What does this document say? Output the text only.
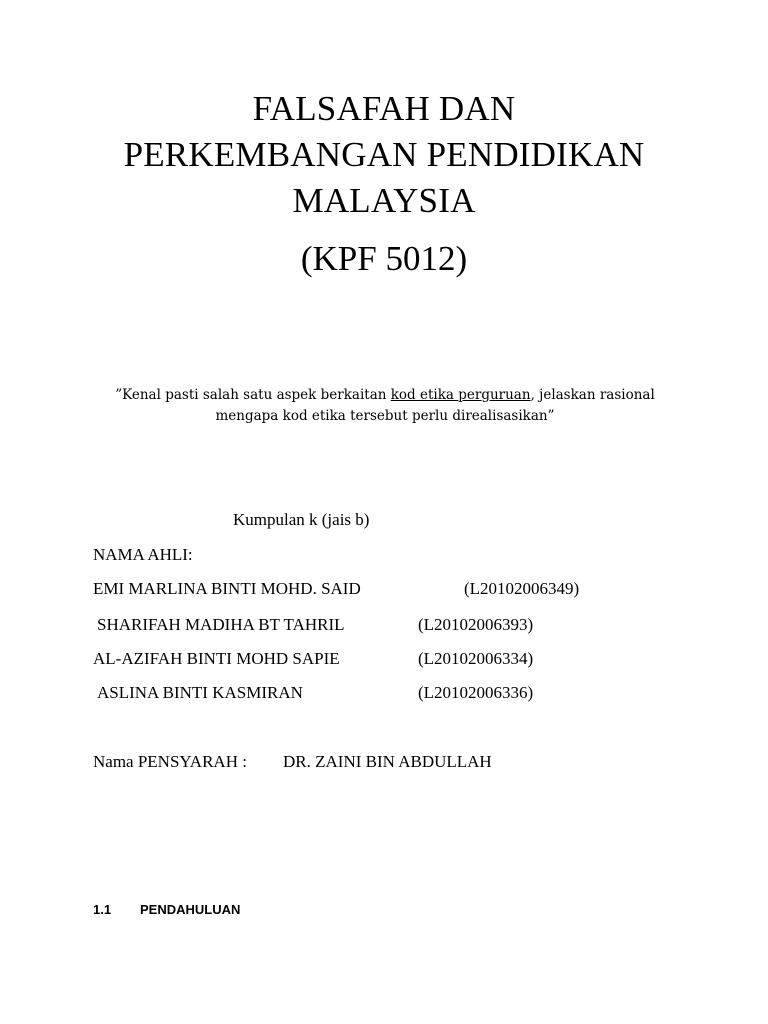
FALSAFAH DAN
PERKEMBANGAN PENDIDIKAN
MALAYSIA
(KPF 5012)
”Kenal pasti salah satu aspek berkaitan kod etika perguruan, jelaskan rasional mengapa kod etika tersebut perlu direalisasikan”
Kumpulan k (jais b)
NAMA AHLI:
EMI MARLINA BINTI MOHD. SAID	(L20102006349)
SHARIFAH MADIHA BT TAHRIL	(L20102006393)
AL-AZIFAH BINTI MOHD SAPIE	(L20102006334)
ASLINA BINTI KASMIRAN	(L20102006336)
Nama PENSYARAH : DR. ZAINI BIN ABDULLAH
1.1 PENDAHULUAN
